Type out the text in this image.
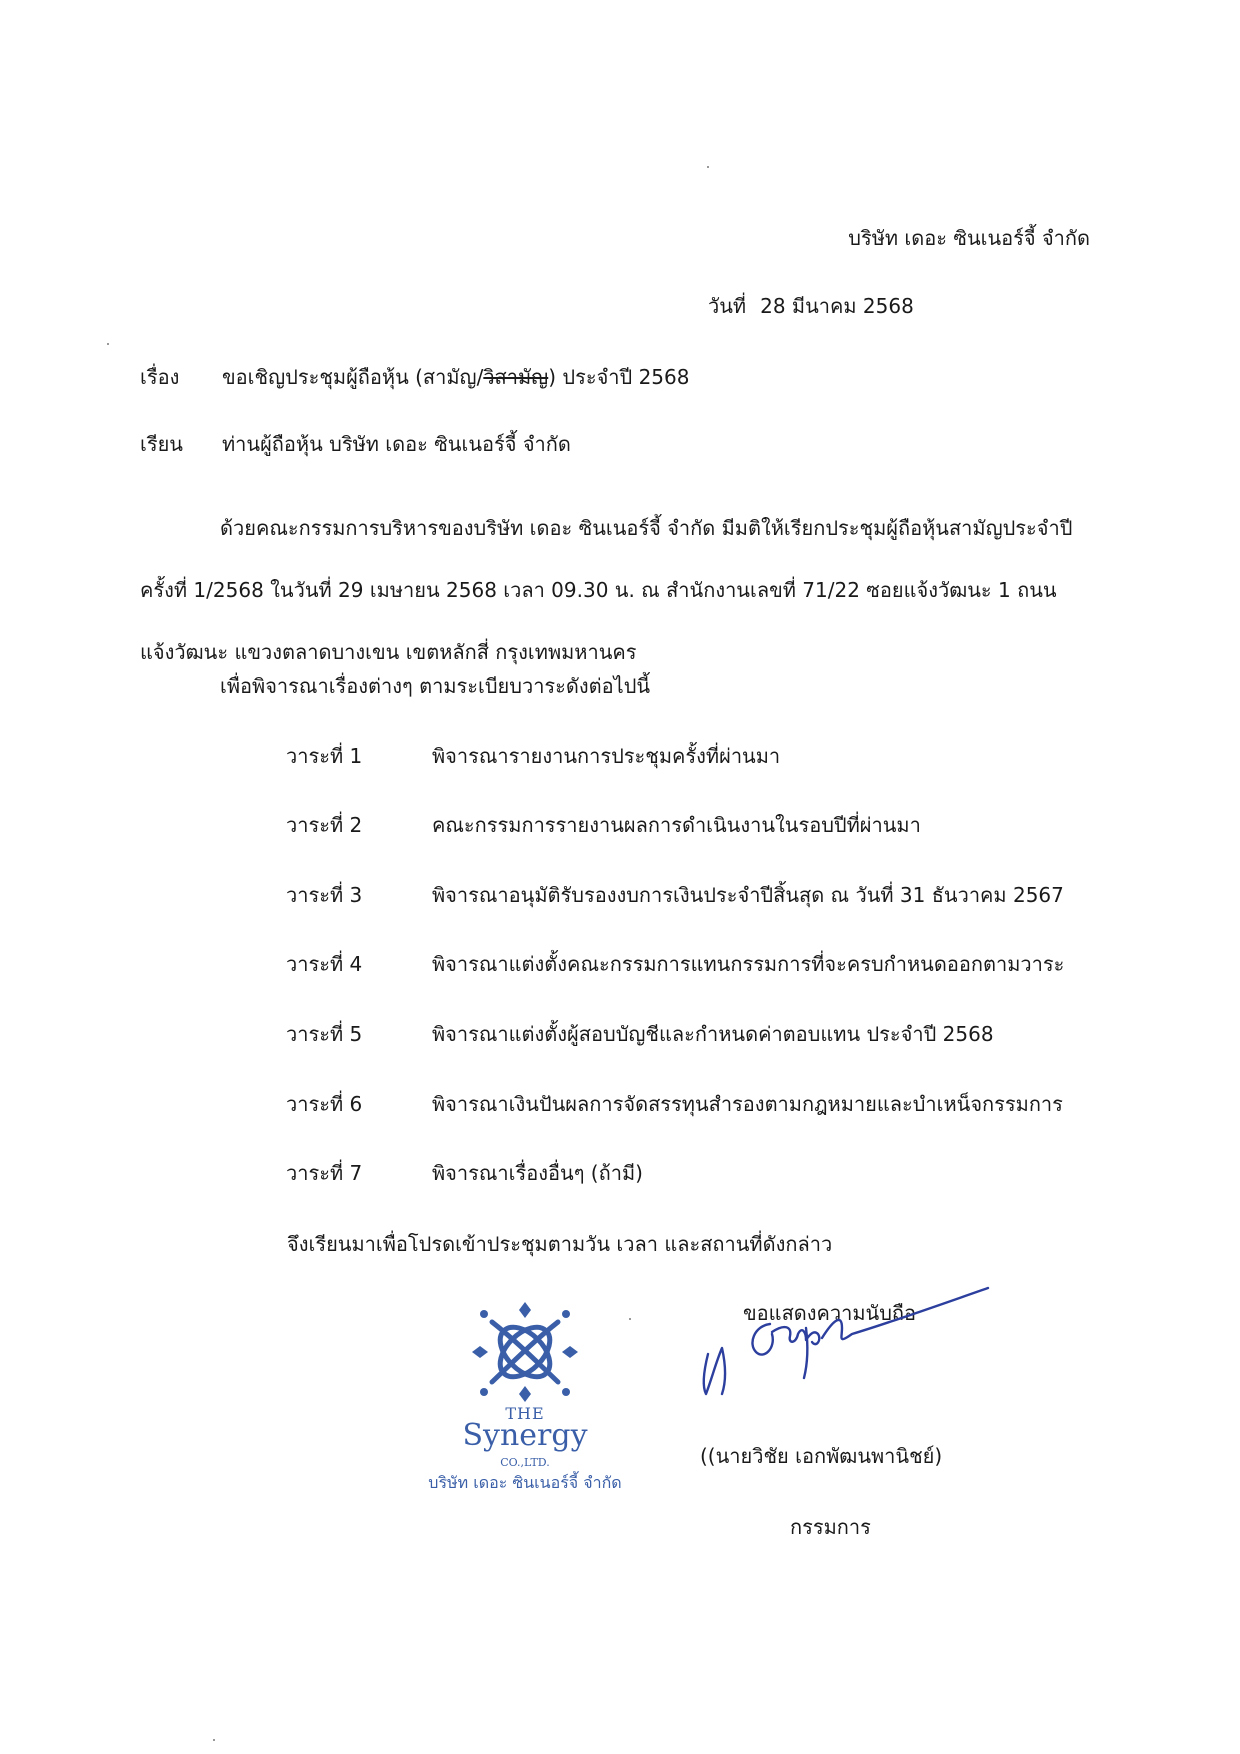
บริษัท เดอะ ซินเนอร์จี้ จำกัด
วันที่ 28 มีนาคม 2568
เรื่อง ขอเชิญประชุมผู้ถือหุ้น (สามัญ/วิสามัญ) ประจำปี 2568
เรียน ท่านผู้ถือหุ้น บริษัท เดอะ ซินเนอร์จี้ จำกัด
ด้วยคณะกรรมการบริหารของบริษัท เดอะ ซินเนอร์จี้ จำกัด มีมติให้เรียกประชุมผู้ถือหุ้นสามัญประจำปี ครั้งที่ 1/2568 ในวันที่ 29 เมษายน 2568 เวลา 09.30 น. ณ สำนักงานเลขที่ 71/22 ซอยแจ้งวัฒนะ 1 ถนนแจ้งวัฒนะ แขวงตลาดบางเขน เขตหลักสี่ กรุงเทพมหานคร
เพื่อพิจารณาเรื่องต่างๆ ตามระเบียบวาระดังต่อไปนี้
วาระที่ 1	พิจารณารายงานการประชุมครั้งที่ผ่านมา
วาระที่ 2	คณะกรรมการรายงานผลการดำเนินงานในรอบปีที่ผ่านมา
วาระที่ 3	พิจารณาอนุมัติรับรองงบการเงินประจำปีสิ้นสุด ณ วันที่ 31 ธันวาคม 2567
วาระที่ 4	พิจารณาแต่งตั้งคณะกรรมการแทนกรรมการที่จะครบกำหนดออกตามวาระ
วาระที่ 5	พิจารณาแต่งตั้งผู้สอบบัญชีและกำหนดค่าตอบแทน ประจำปี 2568
วาระที่ 6	พิจารณาเงินปันผลการจัดสรรทุนสำรองตามกฎหมายและบำเหน็จกรรมการ
วาระที่ 7	พิจารณาเรื่องอื่นๆ (ถ้ามี)
จึงเรียนมาเพื่อโปรดเข้าประชุมตามวัน เวลา และสถานที่ดังกล่าว
THE
Synergy
CO.,LTD.
บริษัท เดอะ ซินเนอร์จี้ จำกัด
ขอแสดงความนับถือ
((นายวิชัย เอกพัฒนพานิชย์)
กรรมการ
